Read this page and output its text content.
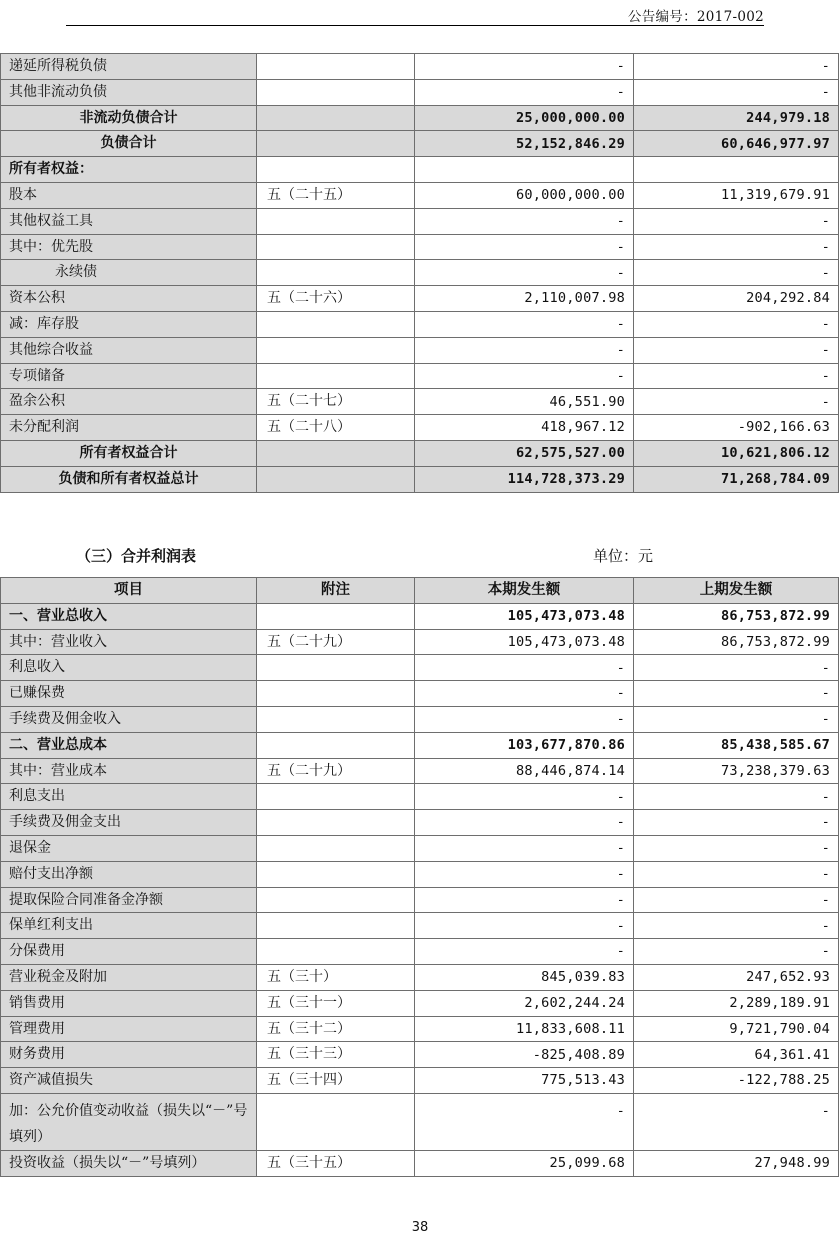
公告编号：2017-002
递延所得税负债		-	-
其他非流动负债		-	-
非流动负债合计		25,000,000.00	244,979.18
负债合计		52,152,846.29	60,646,977.97
所有者权益：			
股本	五（二十五）	60,000,000.00	11,319,679.91
其他权益工具		-	-
其中：优先股		-	-
永续债		-	-
资本公积	五（二十六）	2,110,007.98	204,292.84
减：库存股		-	-
其他综合收益		-	-
专项储备		-	-
盈余公积	五（二十七）	46,551.90	-
未分配利润	五（二十八）	418,967.12	-902,166.63
所有者权益合计		62,575,527.00	10,621,806.12
负债和所有者权益总计		114,728,373.29	71,268,784.09
（三）合并利润表	单位：元
项目	附注	本期发生额	上期发生额
一、营业总收入		105,473,073.48	86,753,872.99
其中：营业收入	五（二十九）	105,473,073.48	86,753,872.99
利息收入		-	-
已赚保费		-	-
手续费及佣金收入		-	-
二、营业总成本		103,677,870.86	85,438,585.67
其中：营业成本	五（二十九）	88,446,874.14	73,238,379.63
利息支出		-	-
手续费及佣金支出		-	-
退保金		-	-
赔付支出净额		-	-
提取保险合同准备金净额		-	-
保单红利支出		-	-
分保费用		-	-
营业税金及附加	五（三十）	845,039.83	247,652.93
销售费用	五（三十一）	2,602,244.24	2,289,189.91
管理费用	五（三十二）	11,833,608.11	9,721,790.04
财务费用	五（三十三）	-825,408.89	64,361.41
资产减值损失	五（三十四）	775,513.43	-122,788.25
加：公允价值变动收益（损失以“－”号填列）		-	-
投资收益（损失以“－”号填列）	五（三十五）	25,099.68	27,948.99
38
